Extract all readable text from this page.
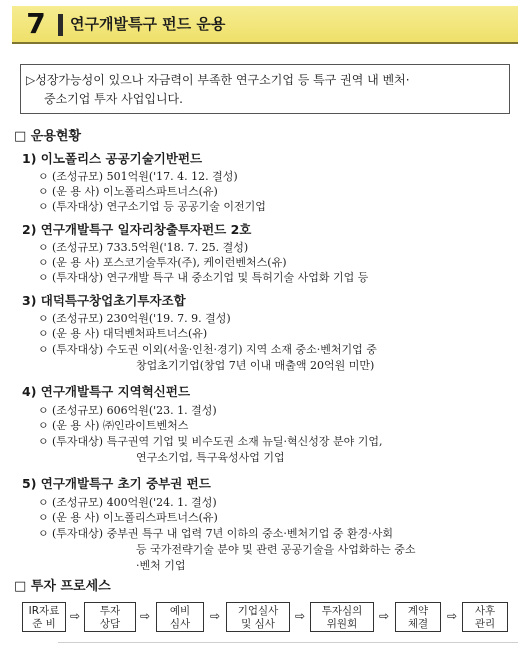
7	연구개발특구 펀드 운용
▷성장가능성이 있으나 자금력이 부족한 연구소기업 등 특구 권역 내 벤처·
중소기업 투자 사업입니다.
□ 운용현황
1) 이노폴리스 공공기술기반펀드
ㅇ (조성규모) 501억원('17. 4. 12. 결성)
ㅇ (운 용 사) 이노폴리스파트너스(유)
ㅇ (투자대상) 연구소기업 등 공공기술 이전기업
2) 연구개발특구 일자리창출투자펀드 2호
ㅇ (조성규모) 733.5억원('18. 7. 25. 결성)
ㅇ (운 용 사) 포스코기술투자(주), 케이런벤처스(유)
ㅇ (투자대상) 연구개발 특구 내 중소기업 및 특허기술 사업화 기업 등
3) 대덕특구창업초기투자조합
ㅇ (조성규모) 230억원('19. 7. 9. 결성)
ㅇ (운 용 사) 대덕벤처파트너스(유)
ㅇ (투자대상) 수도권 이외(서울·인천·경기) 지역 소재 중소·벤처기업 중
창업초기기업(창업 7년 이내 매출액 20억원 미만)
4) 연구개발특구 지역혁신펀드
ㅇ (조성규모) 606억원('23. 1. 결성)
ㅇ (운 용 사) ㈜인라이트벤처스
ㅇ (투자대상) 특구권역 기업 및 비수도권 소재 뉴딜·혁신성장 분야 기업,
연구소기업, 특구육성사업 기업
5) 연구개발특구 초기 중부권 펀드
ㅇ (조성규모) 400억원('24. 1. 결성)
ㅇ (운 용 사) 이노폴리스파트너스(유)
ㅇ (투자대상) 중부권 특구 내 업력 7년 이하의 중소·벤처기업 중 환경·사회
등 국가전략기술 분야 및 관련 공공기술을 사업화하는 중소
·벤처 기업
□ 투자 프로세스
IR자료
준 비
⇨	투자
상담
⇨	예비
심사
⇨	기업실사
및 심사
⇨	투자심의
위원회
⇨	계약
체결
⇨	사후
관리
